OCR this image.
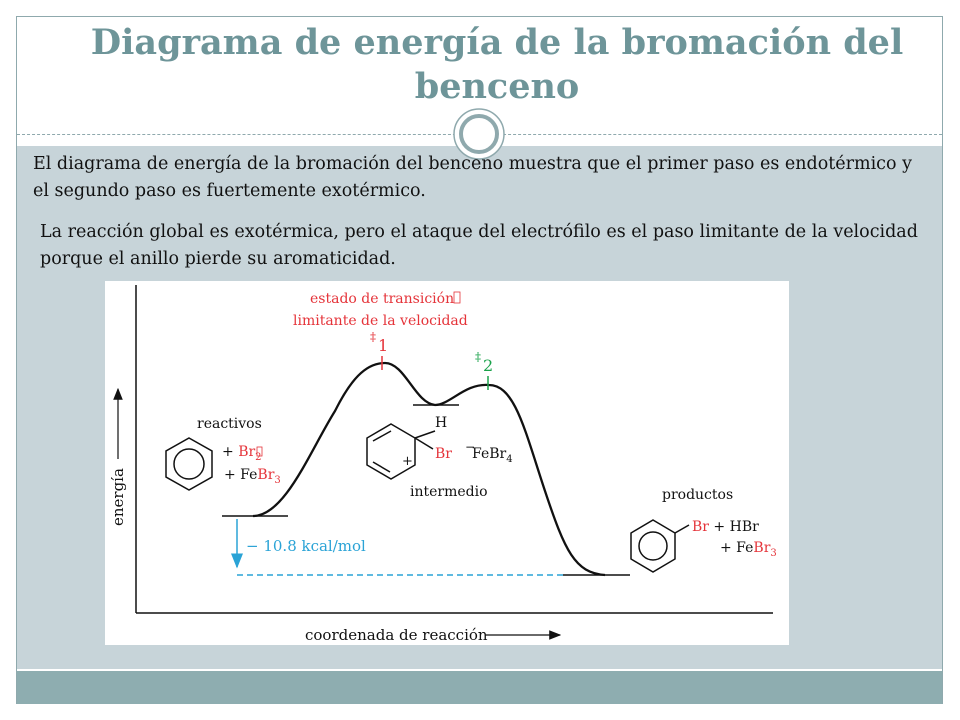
Diagrama de energía de la bromación del benceno

El diagrama de energía de la bromación del benceno muestra que el primer paso es endotérmico y el segundo paso es fuertemente exotérmico.

La reacción global es exotérmica, pero el ataque del electrófilo es el paso limitante de la velocidad porque el anillo pierde su aromaticidad.

energía
coordenada de reacción
− 10.8 kcal/mol
estado de transición
limitante de la velocidad
‡ 1
‡ 2
reactivos
+ $Br_2$
+ FeBr$_3$
H
+ Br −
FeBr$_4$
intermedio	productos
Br + HBr
+ FeBr$_3$
